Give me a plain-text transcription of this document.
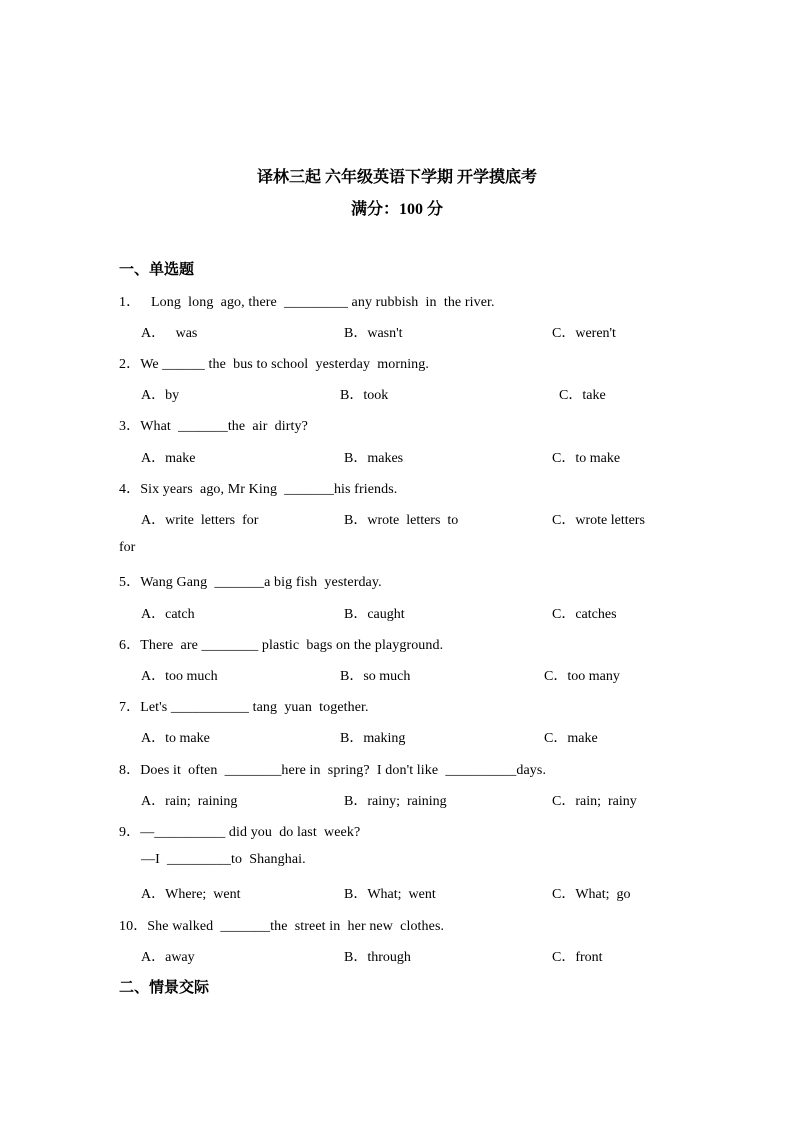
译林三起 六年级英语下学期 开学摸底考
满分：100 分
一、单选题
1．   Long  long  ago, there  _________ any rubbish  in  the river.
A．   was	B．wasn't	C．weren't
2．We ______ the  bus to school  yesterday  morning.
A．by	B．took	C．take
3．What  _______the  air  dirty?
A．make	B．makes	C．to make
4．Six years  ago, Mr King  _______his friends.
A．write  letters  for	B．wrote  letters  to	C．wrote letters
for
5．Wang Gang  _______a big fish  yesterday.
A．catch	B．caught	C．catches
6．There  are ________ plastic  bags on the playground.
A．too much	B．so much	C．too many
7．Let's ___________ tang  yuan  together.
A．to make	B．making	C．make
8．Does it  often  ________here in  spring?  I don't like  __________days.
A．rain;  raining	B．rainy;  raining	C．rain;  rainy
9．—__________ did you  do last  week?
—I  _________to  Shanghai.
A．Where;  went	B．What;  went	C．What;  go
10．She walked  _______the  street in  her new  clothes.
A．away	B．through	C．front
二、情景交际
